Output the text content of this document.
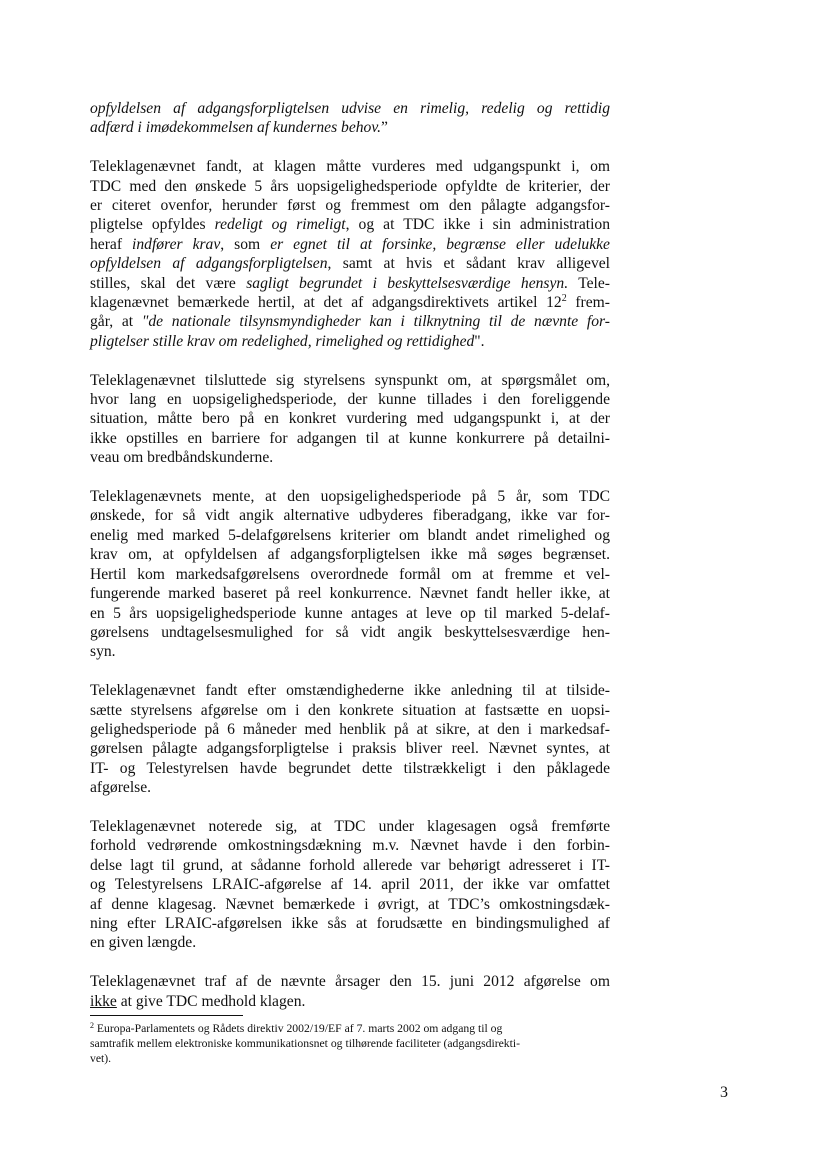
opfyldelsen af adgangsforpligtelsen udvise en rimelig, redelig og rettidig
adfærd i imødekommelsen af kundernes behov.”

Teleklagenævnet fandt, at klagen måtte vurderes med udgangspunkt i, om
TDC med den ønskede 5 års uopsigelighedsperiode opfyldte de kriterier, der
er citeret ovenfor, herunder først og fremmest om den pålagte adgangsfor-
pligtelse opfyldes redeligt og rimeligt, og at TDC ikke i sin administration
heraf indfører krav, som er egnet til at forsinke, begrænse eller udelukke
opfyldelsen af adgangsforpligtelsen, samt at hvis et sådant krav alligevel
stilles, skal det være sagligt begrundet i beskyttelsesværdige hensyn. Tele-
klagenævnet bemærkede hertil, at det af adgangsdirektivets artikel 12$^2$ frem-
går, at "de nationale tilsynsmyndigheder kan i tilknytning til de nævnte for-
pligtelser stille krav om redelighed, rimelighed og rettidighed".

Teleklagenævnet tilsluttede sig styrelsens synspunkt om, at spørgsmålet om,
hvor lang en uopsigelighedsperiode, der kunne tillades i den foreliggende
situation, måtte bero på en konkret vurdering med udgangspunkt i, at der
ikke opstilles en barriere for adgangen til at kunne konkurrere på detailni-
veau om bredbåndskunderne.

Teleklagenævnets mente, at den uopsigelighedsperiode på 5 år, som TDC
ønskede, for så vidt angik alternative udbyderes fiberadgang, ikke var for-
enelig med marked 5-delafgørelsens kriterier om blandt andet rimelighed og
krav om, at opfyldelsen af adgangsforpligtelsen ikke må søges begrænset.
Hertil kom markedsafgørelsens overordnede formål om at fremme et vel-
fungerende marked baseret på reel konkurrence. Nævnet fandt heller ikke, at
en 5 års uopsigelighedsperiode kunne antages at leve op til marked 5-delaf-
gørelsens undtagelsesmulighed for så vidt angik beskyttelsesværdige hen-
syn.

Teleklagenævnet fandt efter omstændighederne ikke anledning til at tilside-
sætte styrelsens afgørelse om i den konkrete situation at fastsætte en uopsi-
gelighedsperiode på 6 måneder med henblik på at sikre, at den i markedsaf-
gørelsen pålagte adgangsforpligtelse i praksis bliver reel. Nævnet syntes, at
IT- og Telestyrelsen havde begrundet dette tilstrækkeligt i den påklagede
afgørelse.

Teleklagenævnet noterede sig, at TDC under klagesagen også fremførte
forhold vedrørende omkostningsdækning m.v. Nævnet havde i den forbin-
delse lagt til grund, at sådanne forhold allerede var behørigt adresseret i IT-
og Telestyrelsens LRAIC-afgørelse af 14. april 2011, der ikke var omfattet
af denne klagesag. Nævnet bemærkede i øvrigt, at TDC’s omkostningsdæk-
ning efter LRAIC-afgørelsen ikke sås at forudsætte en bindingsmulighed af
en given længde.

Teleklagenævnet traf af de nævnte årsager den 15. juni 2012 afgørelse om
ikke at give TDC medhold klagen.

$^2$ Europa-Parlamentets og Rådets direktiv 2002/19/EF af 7. marts 2002 om adgang til og
samtrafik mellem elektroniske kommunikationsnet og tilhørende faciliteter (adgangsdirekti-
vet).
3
